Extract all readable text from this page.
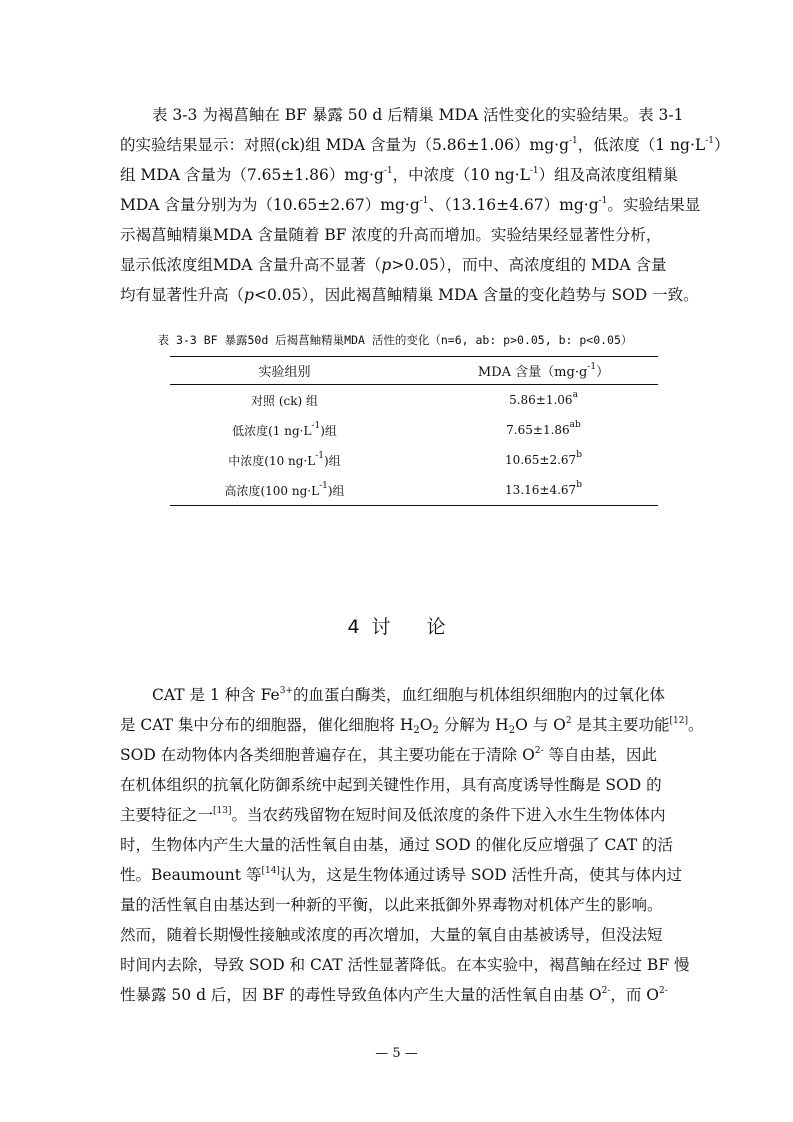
表 3-3 为褐菖鲉在 BF 暴露 50 d 后精巢 MDA 活性变化的实验结果。表 3-1
的实验结果显示：对照(ck)组 MDA 含量为$(5.86\pm 1.06)mg\cdot g^{-1}$，低浓度（1 $ng\cdot L^{-1}$）
组 MDA 含量为$(7.65\pm 1.86)mg\cdot g^{-1}$，中浓度（10 $ng\cdot L^{-1}$）组及高浓度组精巢
MDA 含量分别为为$(10.65\pm 2.67)mg\cdot g^{-1}$、$(13.16\pm 4.67)mg\cdot g^{-1}$。实验结果显
示褐菖鲉精巢MDA 含量随着 BF 浓度的升高而增加。实验结果经显著性分析，
显示低浓度组MDA 含量升高不显著（p>0.05），而中、高浓度组的 MDA 含量
均有显著性升高（p<0.05），因此褐菖鲉精巢 MDA 含量的变化趋势与 SOD 一致。
表 3-3 BF 暴露50d 后褐菖鲉精巢MDA 活性的变化（n=6, ab: p>0.05, b: p<0.05）
实验组别	MDA 含量$(mg\cdot g^{-1})$
对照 (ck) 组	5.86±1.06$^a$
低浓度(1 $ng\cdot L^{-1}$)组	7.65±1.86$^{ab}$
中浓度(10 $ng\cdot L^{-1}$)组	10.65±2.67$^b$
高浓度(100 $ng\cdot L^{-1}$)组	13.16±4.67$^b$
4 讨 论
CAT 是 1 种含 $Fe^{3+}$的血蛋白酶类，血红细胞与机体组织细胞内的过氧化体
是 CAT 集中分布的细胞器，催化细胞将 $H_2O_2$ 分解为 $H_2O$ 与 $O^2$ 是其主要功能[12]。
SOD 在动物体内各类细胞普遍存在，其主要功能在于清除 $O^{2-}$ 等自由基，因此
在机体组织的抗氧化防御系统中起到关键性作用，具有高度诱导性酶是 SOD 的
主要特征之一[13]。当农药残留物在短时间及低浓度的条件下进入水生生物体体内
时，生物体内产生大量的活性氧自由基，通过 SOD 的催化反应增强了 CAT 的活
性。Beaumount 等[14]认为，这是生物体通过诱导 SOD 活性升高，使其与体内过
量的活性氧自由基达到一种新的平衡，以此来抵御外界毒物对机体产生的影响。
然而，随着长期慢性接触或浓度的再次增加，大量的氧自由基被诱导，但没法短
时间内去除，导致 SOD 和 CAT 活性显著降低。在本实验中，褐菖鲉在经过 BF 慢
性暴露 50 d 后，因 BF 的毒性导致鱼体内产生大量的活性氧自由基 $O^{2-}$，而 $O^{2-}$
— 5 —
